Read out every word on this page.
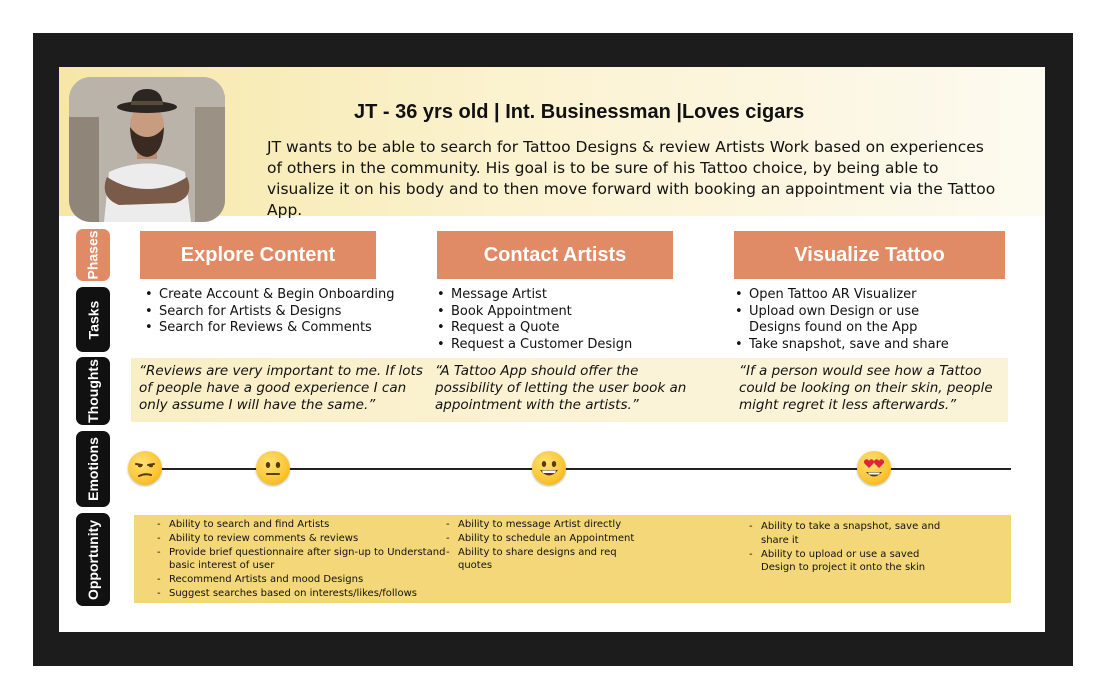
JT - 36 yrs old | Int. Businessman |Loves cigars
JT wants to be able to search for Tattoo Designs & review Artists Work based on experiences of others in the community. His goal is to be sure of his Tattoo choice, by being able to visualize it on his body and to then move forward with booking an appointment via the Tattoo App.
Phases
Tasks
Thoughts
Emotions
Opportunity
Explore Content	Contact Artists	Visualize Tattoo
• Create Account & Begin Onboarding
• Search for Artists & Designs
• Search for Reviews & Comments
• Message Artist
• Book Appointment
• Request a Quote
• Request a Customer Design
• Open Tattoo AR Visualizer
• Upload own Design or use Designs found on the App
• Take snapshot, save and share
“Reviews are very important to me. If lots of people have a good experience I can only assume I will have the same.”
“A Tattoo App should offer the possibility of letting the user book an appointment with the artists.”
“If a person would see how a Tattoo could be looking on their skin, people might regret it less afterwards.”
- Ability to search and find Artists
- Ability to review comments & reviews
- Provide brief questionnaire after sign-up to Understand basic interest of user
- Recommend Artists and mood Designs
- Suggest searches based on interests/likes/follows
- Ability to message Artist directly
- Ability to schedule an Appointment
- Ability to share designs and req quotes
- Ability to take a snapshot, save and share it
- Ability to upload or use a saved Design to project it onto the skin
